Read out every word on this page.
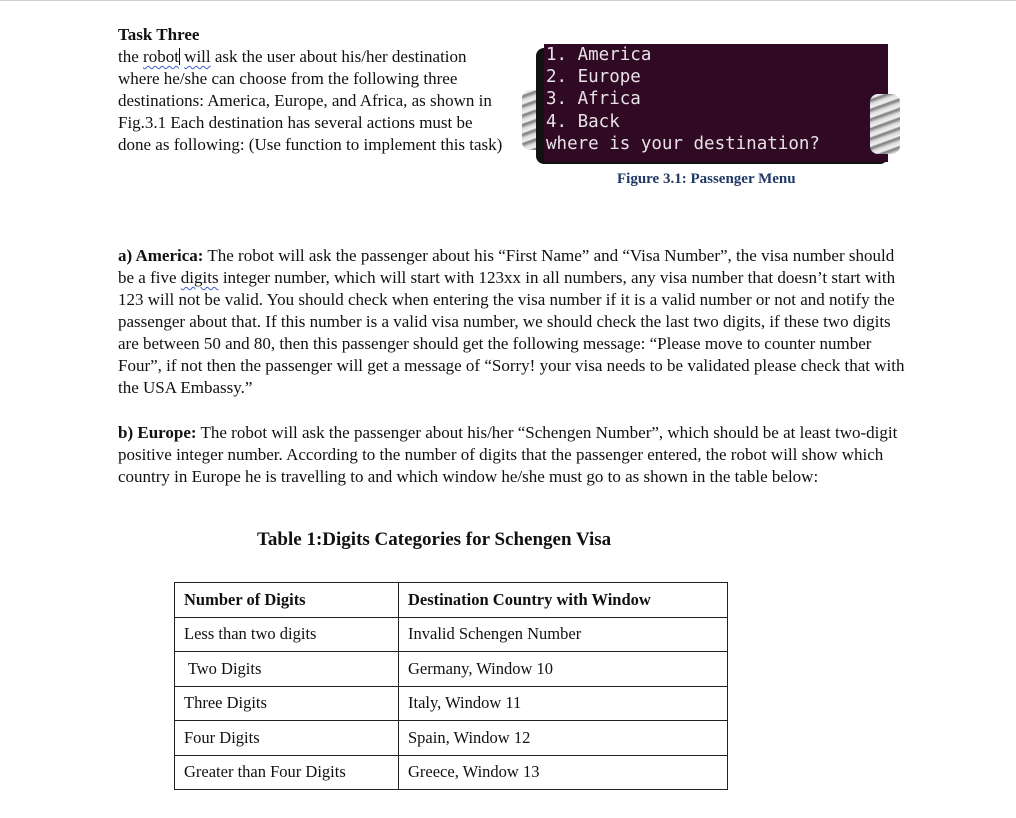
Task Three
the robot will ask the user about his/her destination where he/she can choose from the following three destinations: America, Europe, and Africa, as shown in Fig.3.1 Each destination has several actions must be done as following: (Use function to implement this task)
1. America
2. Europe
3. Africa
4. Back
where is your destination?
Figure 3.1: Passenger Menu
a) America: The robot will ask the passenger about his “First Name” and “Visa Number”, the visa number should be a five digits integer number, which will start with 123xx in all numbers, any visa number that doesn’t start with 123 will not be valid. You should check when entering the visa number if it is a valid number or not and notify the passenger about that. If this number is a valid visa number, we should check the last two digits, if these two digits are between 50 and 80, then this passenger should get the following message: “Please move to counter number Four”, if not then the passenger will get a message of “Sorry! your visa needs to be validated please check that with the USA Embassy.”
b) Europe: The robot will ask the passenger about his/her “Schengen Number”, which should be at least two-digit positive integer number. According to the number of digits that the passenger entered, the robot will show which country in Europe he is travelling to and which window he/she must go to as shown in the table below:
Table 1:Digits Categories for Schengen Visa
Number of Digits	Destination Country with Window
Less than two digits	Invalid Schengen Number
Two Digits	Germany, Window 10
Three Digits	Italy, Window 11
Four Digits	Spain, Window 12
Greater than Four Digits	Greece, Window 13
